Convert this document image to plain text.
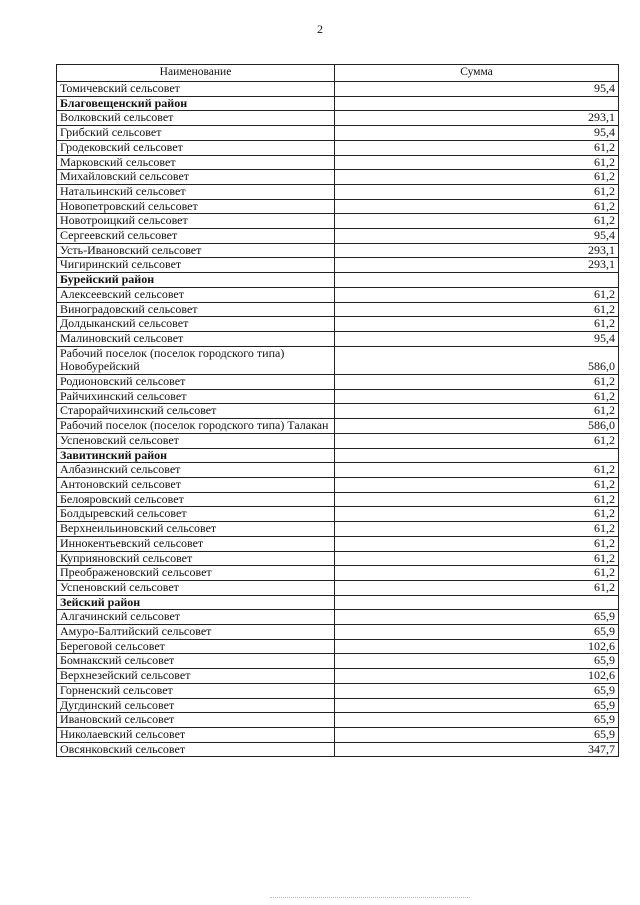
2
Наименование	Сумма
Томичевский сельсовет	95,4
Благовещенский район	
Волковский сельсовет	293,1
Грибский сельсовет	95,4
Гродековский сельсовет	61,2
Марковский сельсовет	61,2
Михайловский сельсовет	61,2
Натальинский сельсовет	61,2
Новопетровский сельсовет	61,2
Новотроицкий сельсовет	61,2
Сергеевский сельсовет	95,4
Усть-Ивановский сельсовет	293,1
Чигиринский сельсовет	293,1
Бурейский район	
Алексеевский сельсовет	61,2
Виноградовский сельсовет	61,2
Долдыканский сельсовет	61,2
Малиновский сельсовет	95,4
Рабочий поселок (поселок городского типа) Новобурейский	586,0
Родионовский сельсовет	61,2
Райчихинский сельсовет	61,2
Старорайчихинский сельсовет	61,2
Рабочий поселок (поселок городского типа) Талакан	586,0
Успеновский сельсовет	61,2
Завитинский район	
Албазинский сельсовет	61,2
Антоновский сельсовет	61,2
Белояровский сельсовет	61,2
Болдыревский сельсовет	61,2
Верхнеильиновский сельсовет	61,2
Иннокентьевский сельсовет	61,2
Куприяновский сельсовет	61,2
Преображеновский сельсовет	61,2
Успеновский сельсовет	61,2
Зейский район	
Алгачинский сельсовет	65,9
Амуро-Балтийский сельсовет	65,9
Береговой сельсовет	102,6
Бомнакский сельсовет	65,9
Верхнезейский сельсовет	102,6
Горненский сельсовет	65,9
Дугдинский сельсовет	65,9
Ивановский сельсовет	65,9
Николаевский сельсовет	65,9
Овсянковский сельсовет	347,7
